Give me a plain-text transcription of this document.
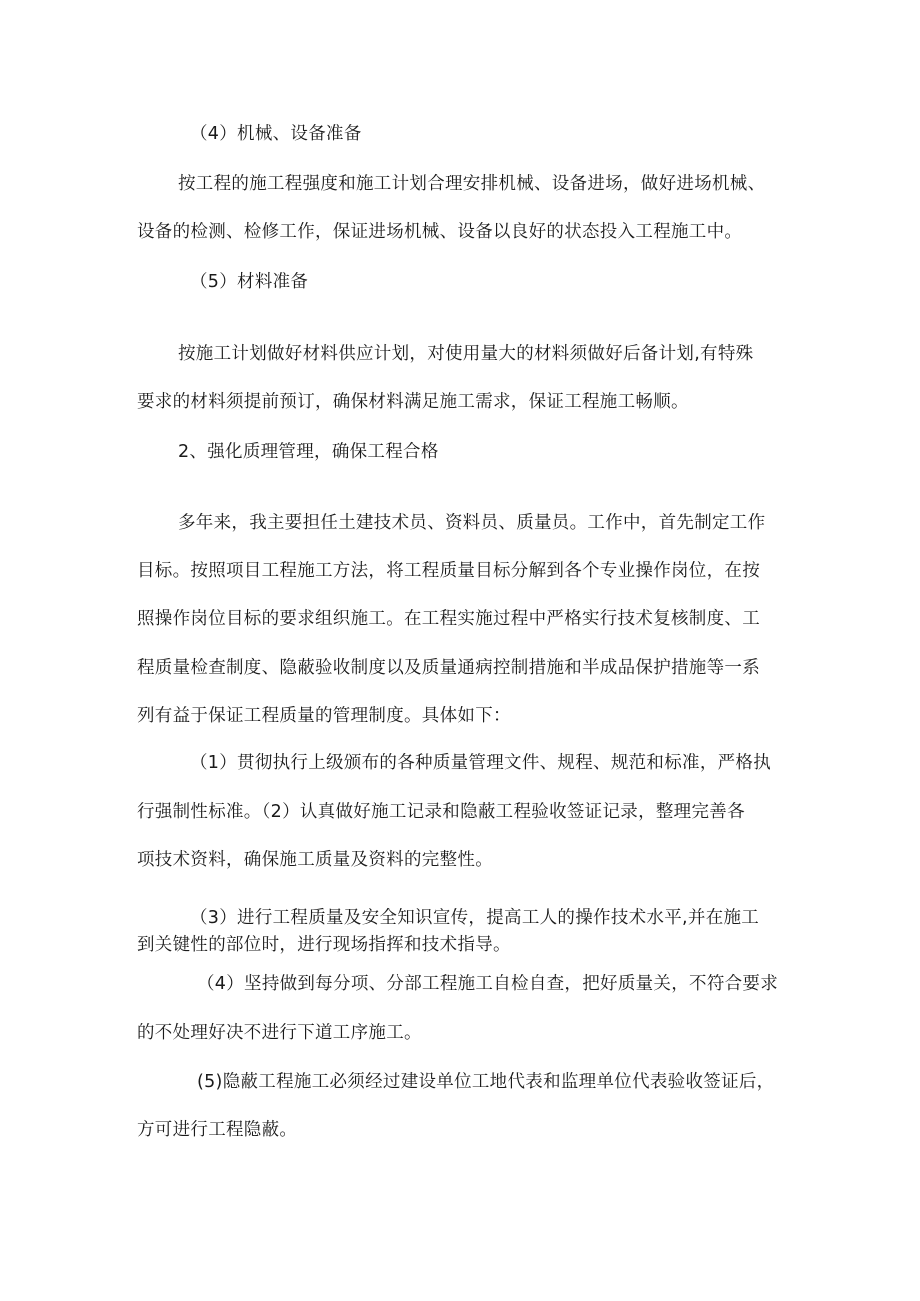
（4）机械、设备准备
按工程的施工程强度和施工计划合理安排机械、设备进场，做好进场机械、
设备的检测、检修工作，保证进场机械、设备以良好的状态投入工程施工中。
（5）材料准备
按施工计划做好材料供应计划，对使用量大的材料须做好后备计划,有特殊
要求的材料须提前预订，确保材料满足施工需求，保证工程施工畅顺。
2、强化质理管理，确保工程合格
多年来，我主要担任土建技术员、资料员、质量员。工作中，首先制定工作
目标。按照项目工程施工方法，将工程质量目标分解到各个专业操作岗位，在按
照操作岗位目标的要求组织施工。在工程实施过程中严格实行技术复核制度、工
程质量检查制度、隐蔽验收制度以及质量通病控制措施和半成品保护措施等一系
列有益于保证工程质量的管理制度。具体如下：
（1）贯彻执行上级颁布的各种质量管理文件、规程、规范和标准，严格执
行强制性标准。（2）认真做好施工记录和隐蔽工程验收签证记录，整理完善各
项技术资料，确保施工质量及资料的完整性。
（3）进行工程质量及安全知识宣传，提高工人的操作技术水平,并在施工
到关键性的部位时，进行现场指挥和技术指导。
（4）坚持做到每分项、分部工程施工自检自查，把好质量关，不符合要求
的不处理好决不进行下道工序施工。
(5)隐蔽工程施工必须经过建设单位工地代表和监理单位代表验收签证后，
方可进行工程隐蔽。
